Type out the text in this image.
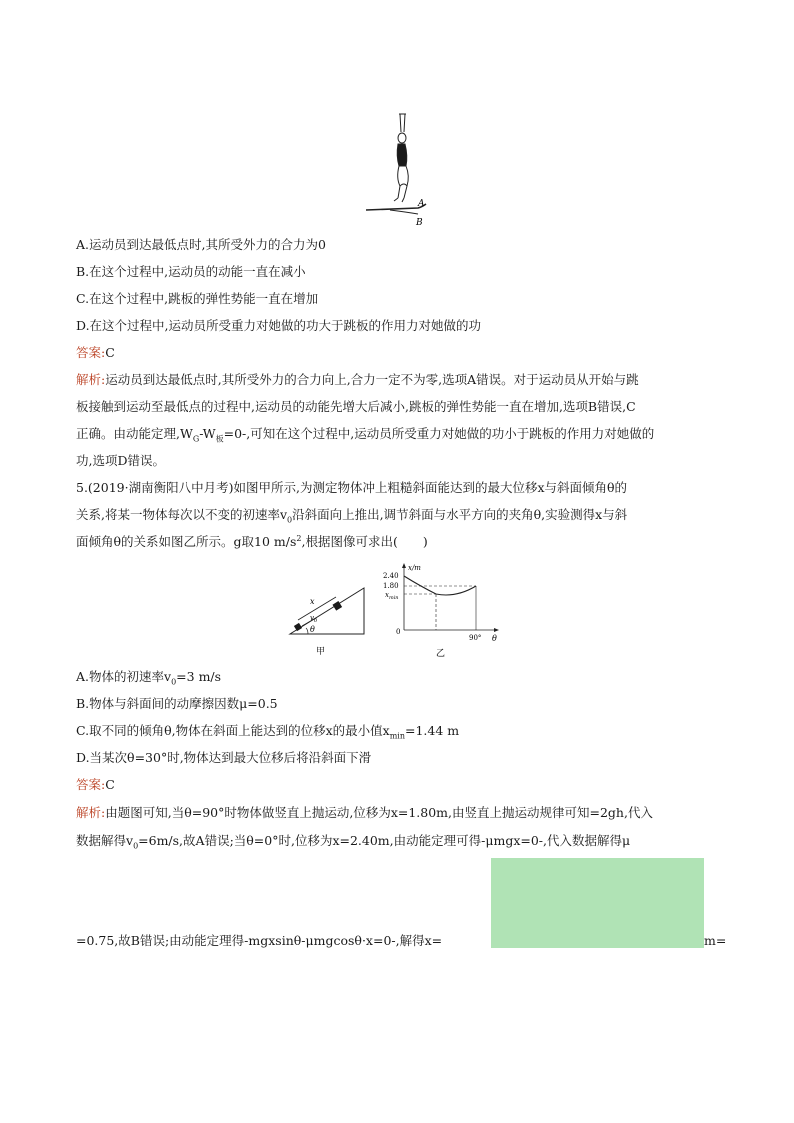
A
B
A.运动员到达最低点时,其所受外力的合力为0
B.在这个过程中,运动员的动能一直在减小
C.在这个过程中,跳板的弹性势能一直在增加
D.在这个过程中,运动员所受重力对她做的功大于跳板的作用力对她做的功
答案:C
解析:运动员到达最低点时,其所受外力的合力向上,合力一定不为零,选项A错误。对于运动员从开始与跳
板接触到运动至最低点的过程中,运动员的动能先增大后减小,跳板的弹性势能一直在增加,选项B错误,C
正确。由动能定理$,W_G-W_板=0-$,可知在这个过程中,运动员所受重力对她做的功小于跳板的作用力对她做的
功,选项D错误。
5.(2019·湖南衡阳八中月考)如图甲所示,为测定物体冲上粗糙斜面能达到的最大位移x与斜面倾角θ的
关系,将某一物体每次以不变的初速率$v_0$沿斜面向上推出,调节斜面与水平方向的夹角θ,实验测得x与斜
面倾角θ的关系如图乙所示。g取10 $m/s^2$,根据图像可求出(　　)
x
$v_0$
θ
甲
x/m
2.40
1.80
$x_{min}$
0
90° θ
乙
A.物体的初速率$v_0=3$ m/s
B.物体与斜面间的动摩擦因数μ=0.5
C.取不同的倾角θ,物体在斜面上能达到的位移x的最小值$x_{min}=1.44$ m
D.当某次θ=30°时,物体达到最大位移后将沿斜面下滑
答案:C
解析:由题图可知,当θ=90°时物体做竖直上抛运动,位移为x=1.80m,由竖直上抛运动规律可知=2gh,代入
数据解得$v_0=6m/s$,故A错误;当θ=0°时,位移为x=2.40m,由动能定理可得-μmgx=0-,代入数据解得μ
=0.75,故B错误;由动能定理得-mgxsinθ-μmgcosθ·x=0-,解得x=	m=
